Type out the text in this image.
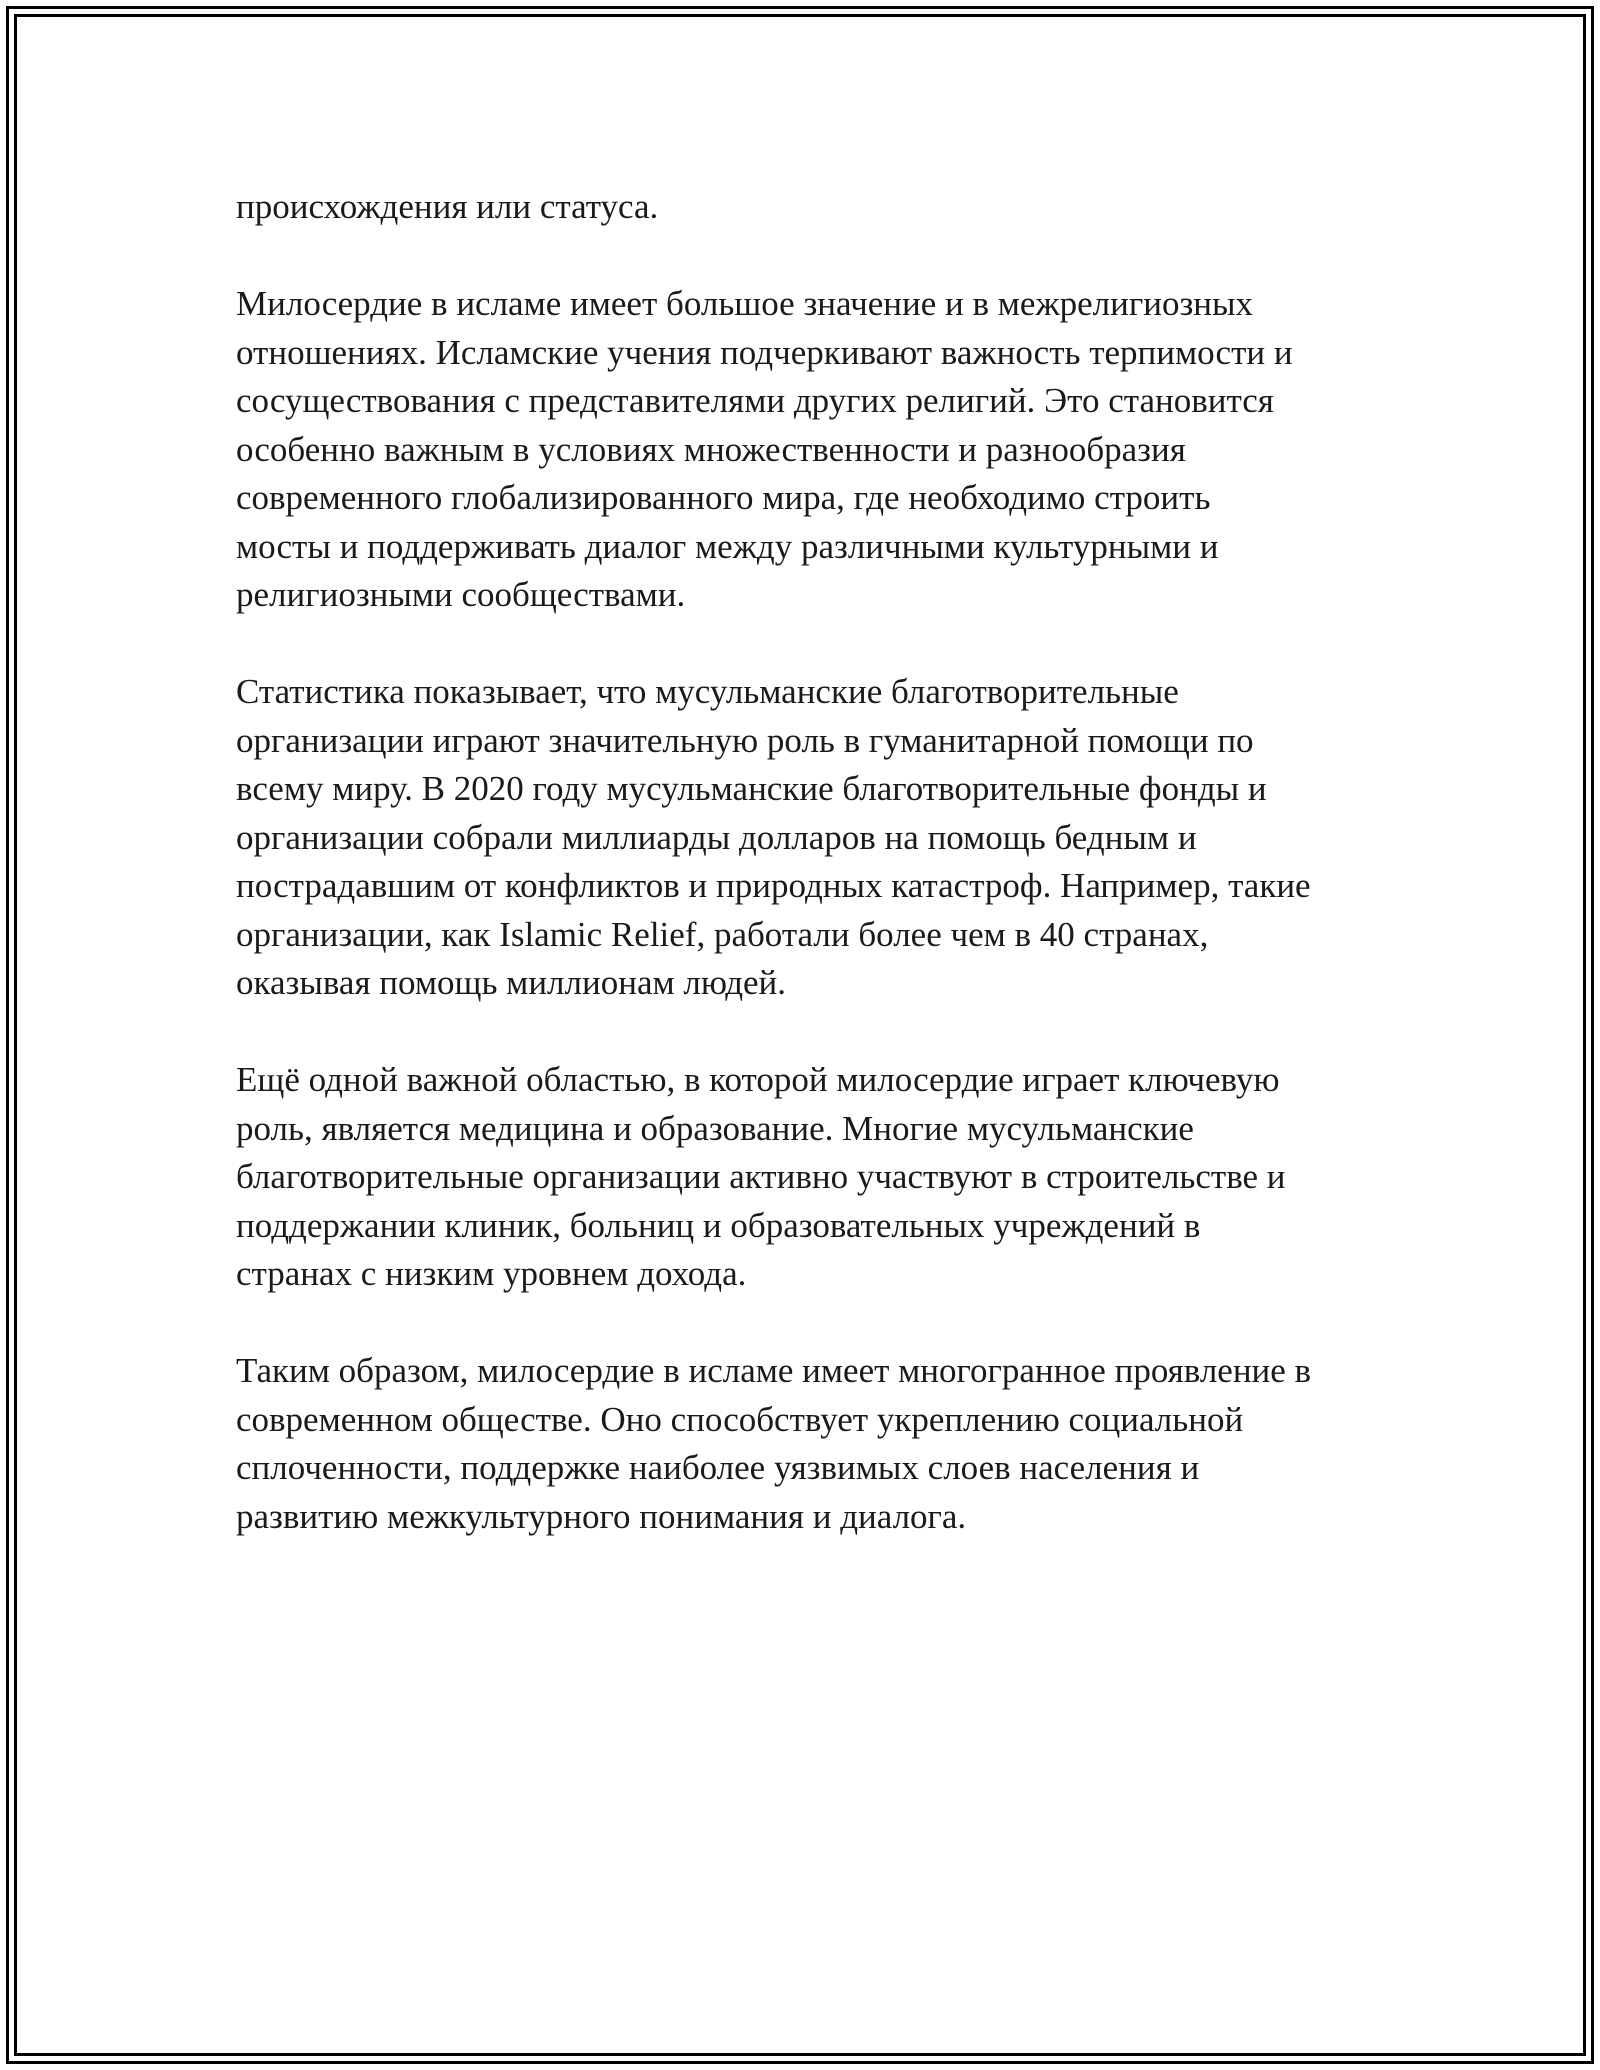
происхождения или статуса.

Милосердие в исламе имеет большое значение и в межрелигиозных
отношениях. Исламские учения подчеркивают важность терпимости и
сосуществования с представителями других религий. Это становится
особенно важным в условиях множественности и разнообразия
современного глобализированного мира, где необходимо строить
мосты и поддерживать диалог между различными культурными и
религиозными сообществами.

Статистика показывает, что мусульманские благотворительные
организации играют значительную роль в гуманитарной помощи по
всему миру. В 2020 году мусульманские благотворительные фонды и
организации собрали миллиарды долларов на помощь бедным и
пострадавшим от конфликтов и природных катастроф. Например, такие
организации, как Islamic Relief, работали более чем в 40 странах,
оказывая помощь миллионам людей.

Ещё одной важной областью, в которой милосердие играет ключевую
роль, является медицина и образование. Многие мусульманские
благотворительные организации активно участвуют в строительстве и
поддержании клиник, больниц и образовательных учреждений в
странах с низким уровнем дохода.

Таким образом, милосердие в исламе имеет многогранное проявление в
современном обществе. Оно способствует укреплению социальной
сплоченности, поддержке наиболее уязвимых слоев населения и
развитию межкультурного понимания и диалога.
